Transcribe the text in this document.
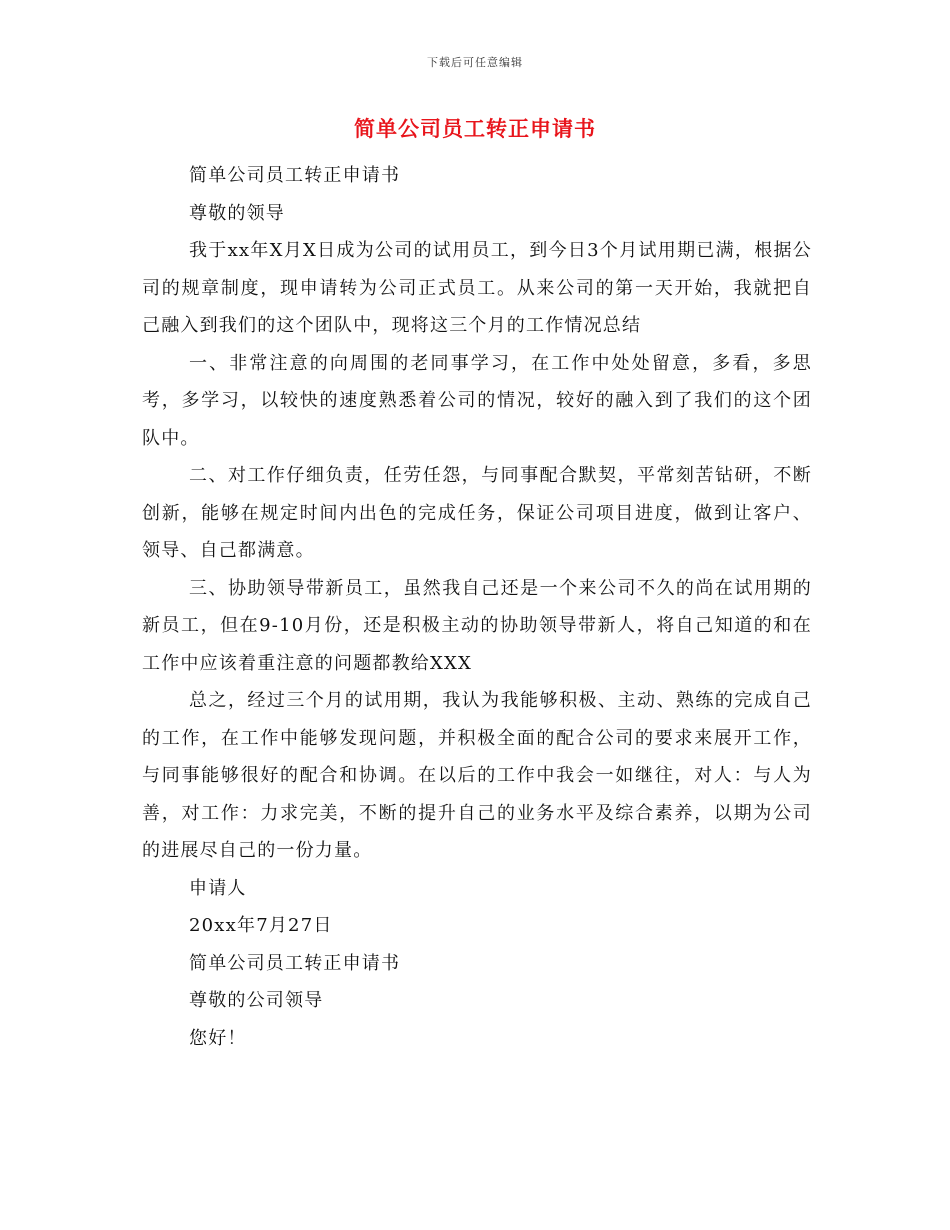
下载后可任意编辑
简单公司员工转正申请书

简单公司员工转正申请书

尊敬的领导

我于xx年X月X日成为公司的试用员工，到今日3个月试用期已满，根据公司的规章制度，现申请转为公司正式员工。从来公司的第一天开始，我就把自己融入到我们的这个团队中，现将这三个月的工作情况总结

一、非常注意的向周围的老同事学习，在工作中处处留意，多看，多思考，多学习，以较快的速度熟悉着公司的情况，较好的融入到了我们的这个团队中。

二、对工作仔细负责，任劳任怨，与同事配合默契，平常刻苦钻研，不断创新，能够在规定时间内出色的完成任务，保证公司项目进度，做到让客户、领导、自己都满意。

三、协助领导带新员工，虽然我自己还是一个来公司不久的尚在试用期的新员工，但在9-10月份，还是积极主动的协助领导带新人，将自己知道的和在工作中应该着重注意的问题都教给XXX

总之，经过三个月的试用期，我认为我能够积极、主动、熟练的完成自己的工作，在工作中能够发现问题，并积极全面的配合公司的要求来展开工作，与同事能够很好的配合和协调。在以后的工作中我会一如继往，对人：与人为善，对工作：力求完美，不断的提升自己的业务水平及综合素养，以期为公司的进展尽自己的一份力量。

申请人

20xx年7月27日

简单公司员工转正申请书

尊敬的公司领导

您好！
